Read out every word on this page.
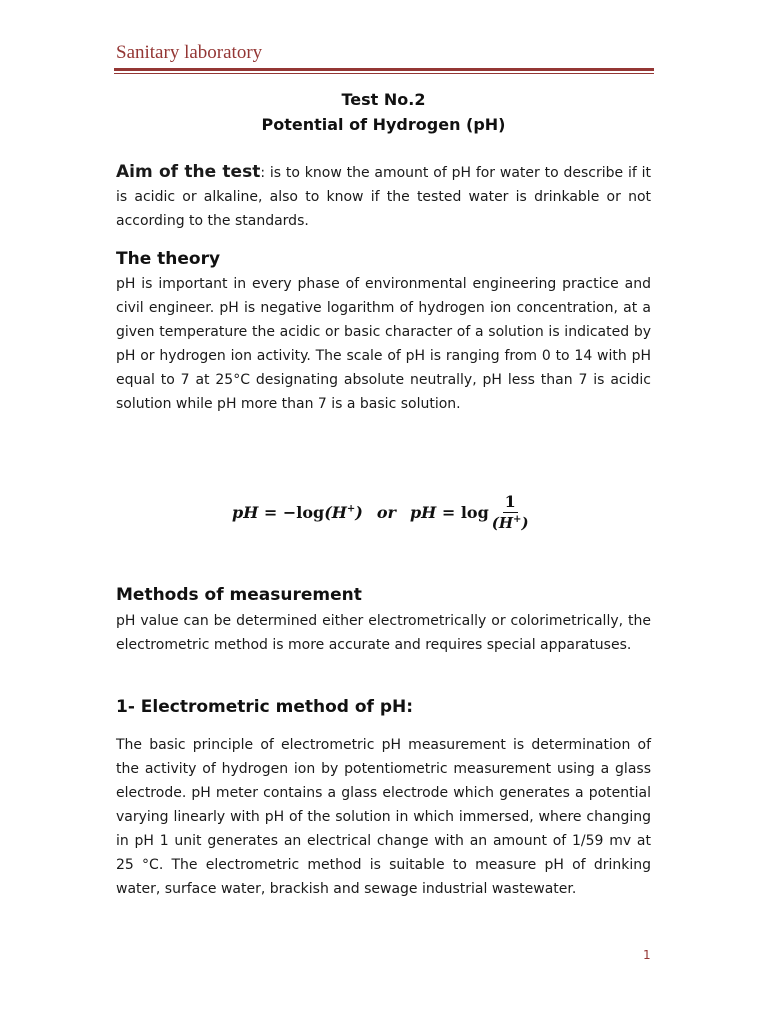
Sanitary laboratory
Test No.2
Potential of Hydrogen (pH)
Aim of the test: is to know the amount of pH for water to describe if it is acidic or alkaline, also to know if the tested water is drinkable or not according to the standards.
The theory
pH is important in every phase of environmental engineering practice and civil engineer. pH is negative logarithm of hydrogen ion concentration, at a given temperature the acidic or basic character of a solution is indicated by pH or hydrogen ion activity. The scale of pH is ranging from 0 to 14 with pH equal to 7 at 25°C designating absolute neutrally, pH less than 7 is acidic solution while pH more than 7 is a basic solution.
pH = − log (H+) or pH = $\log \frac{1}{(H^+)}$
Methods of measurement
pH value can be determined either electrometrically or colorimetrically, the electrometric method is more accurate and requires special apparatuses.
1- Electrometric method of pH:
The basic principle of electrometric pH measurement is determination of the activity of hydrogen ion by potentiometric measurement using a glass electrode. pH meter contains a glass electrode which generates a potential varying linearly with pH of the solution in which immersed, where changing in pH 1 unit generates an electrical change with an amount of 1/59 mv at 25 °C. The electrometric method is suitable to measure pH of drinking water, surface water, brackish and sewage industrial wastewater.
1
